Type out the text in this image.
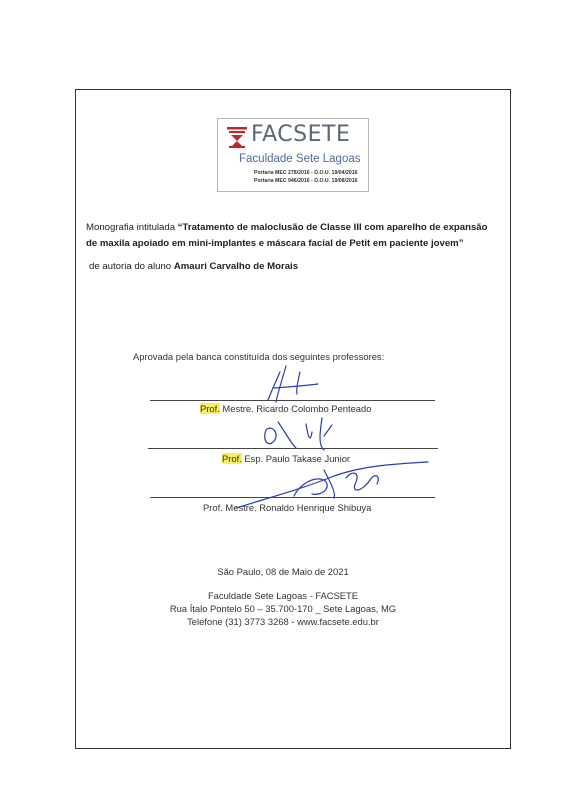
FACSETE
Faculdade Sete Lagoas
Portaria MEC 278/2016 - D.O.U. 19/04/2016
Portaria MEC 946/2016 - D.O.U. 19/08/2016
Monografia intitulada “Tratamento de maloclusão de Classe III com aparelho de expansão de maxila apoiado em mini-implantes e máscara facial de Petit em paciente jovem”
de autoria do aluno Amauri Carvalho de Morais
Aprovada pela banca constituída dos seguintes professores:
Prof. Mestre. Ricardo Colombo Penteado
Prof. Esp. Paulo Takase Junior
Prof. Mestre. Ronaldo Henrique Shibuya
São Paulo, 08 de Maio de 2021
Faculdade Sete Lagoas - FACSETE
Rua Ítalo Pontelo 50 – 35.700-170 _ Sete Lagoas, MG
Telefone (31) 3773 3268 - www.facsete.edu.br
